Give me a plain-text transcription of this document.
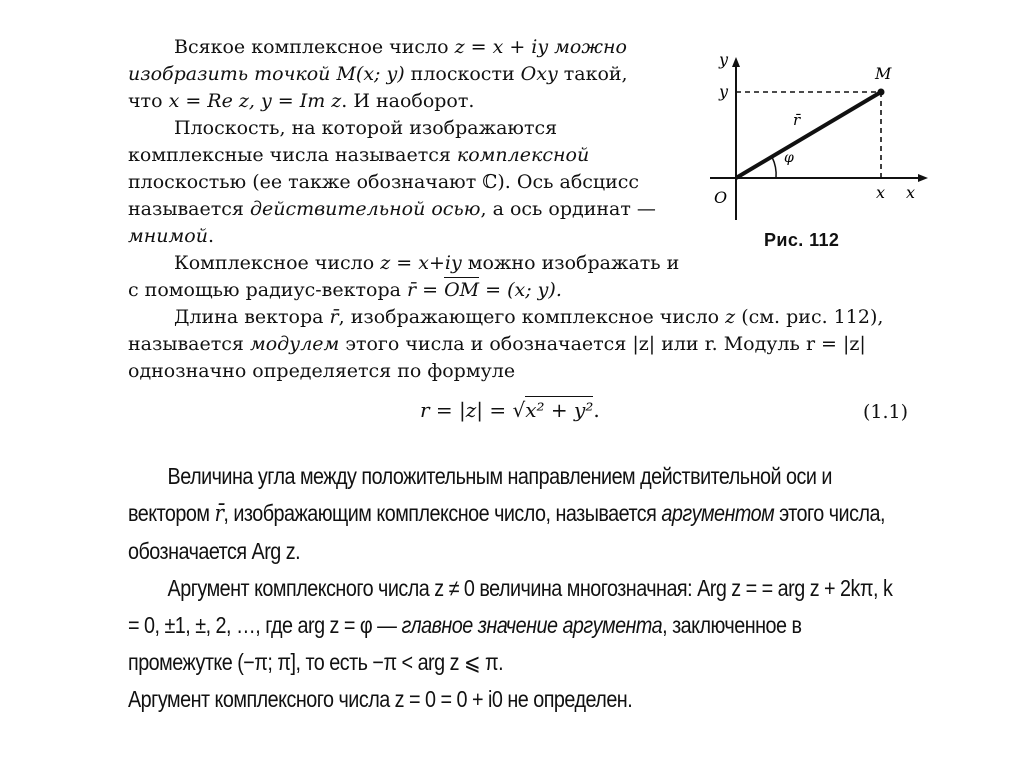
Всякое комплексное число z = x + iy можно изобразить точкой M(x; y) плоскости Oxy такой, что x = Re z, y = Im z. И наоборот.

Плоскость, на которой изображаются комплексные числа называется комплексной плоскостью (ее также обозначают ℂ). Ось абсцисс называется действительной осью, а ось ординат — мнимой.

Комплексное число z = x+iy можно изображать и с помощью радиус-вектора r̄ = OM = (x; y).

Длина вектора r̄, изображающего комплексное число z (см. рис. 112), называется модулем этого числа и обозначается |z| или r. Модуль r = |z| однозначно определяется по формуле

r = |z| = √x² + y².	(1.1)
y
y
M
r̄
φ
O	x x
Рис. 112

Величина угла между положительным направлением действительной оси и вектором r̄, изображающим комплексное число, называется аргументом этого числа, обозначается Arg z.

Аргумент комплексного числа z ≠ 0 величина многозначная: Arg z = = arg z + 2kπ, k = 0, ±1, ±, 2, …, где arg z = φ — главное значение аргумента, заключенное в промежутке (−π; π], то есть −π < arg z ⩽ π.

Аргумент комплексного числа z = 0 = 0 + i0 не определен.
